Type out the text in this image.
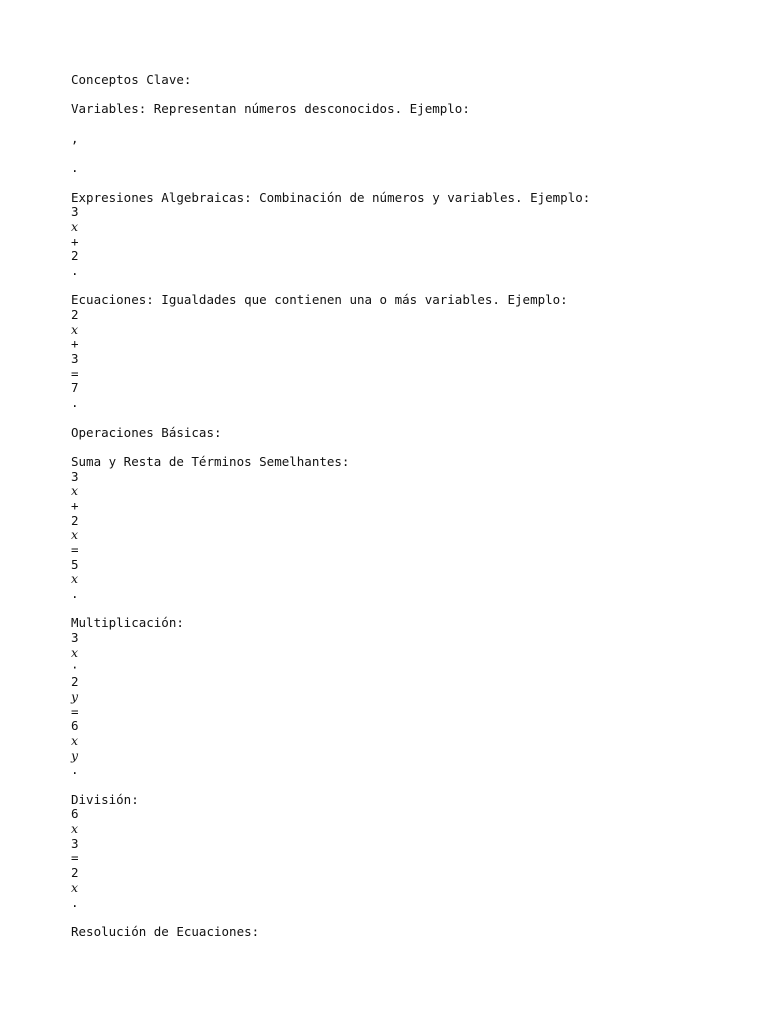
Conceptos Clave:
Variables: Representan números desconocidos. Ejemplo:
,
.
Expresiones Algebraicas: Combinación de números y variables. Ejemplo:
3
x
+
2
.
Ecuaciones: Igualdades que contienen una o más variables. Ejemplo:
2
x
+
3
=
7
.
Operaciones Básicas:
Suma y Resta de Términos Semelhantes:
3
x
+
2
x
=
5
x
.
Multiplicación:
3
x
·
2
y
=
6
x
y
.
División:
6
x
3
=
2
x
.
Resolución de Ecuaciones:
